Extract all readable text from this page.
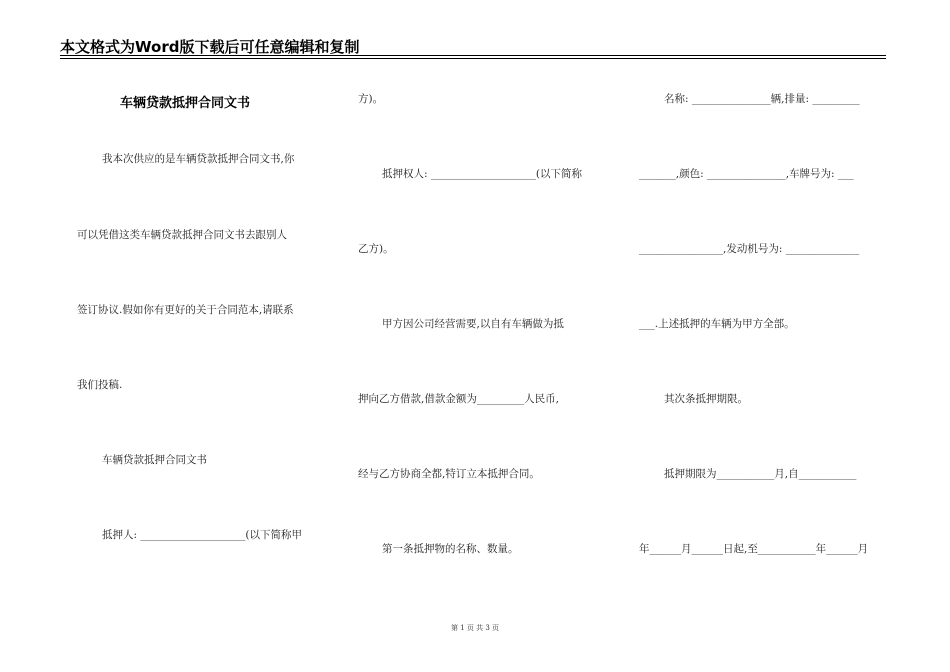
本文格式为Word版下载后可任意编辑和复制
车辆贷款抵押合同文书
我本次供应的是车辆贷款抵押合同文书,你
可以凭借这类车辆贷款抵押合同文书去跟别人
签订协议.假如你有更好的关于合同范本,请联系
我们投稿.
车辆贷款抵押合同文书
抵押人: ____________________(以下简称甲
方)。
抵押权人: ____________________(以下简称
乙方)。
甲方因公司经营需要,以自有车辆做为抵
押向乙方借款,借款金额为_________人民币,
经与乙方协商全都,特订立本抵押合同。
第一条抵押物的名称、数量。
名称: _______________辆,排量: _________
_______,颜色: _______________,车牌号为: ___
________________,发动机号为: ______________
___.上述抵押的车辆为甲方全部。
其次条抵押期限。
抵押期限为___________月,自___________
年______月______日起,至___________年______月
第 1 页 共 3 页
